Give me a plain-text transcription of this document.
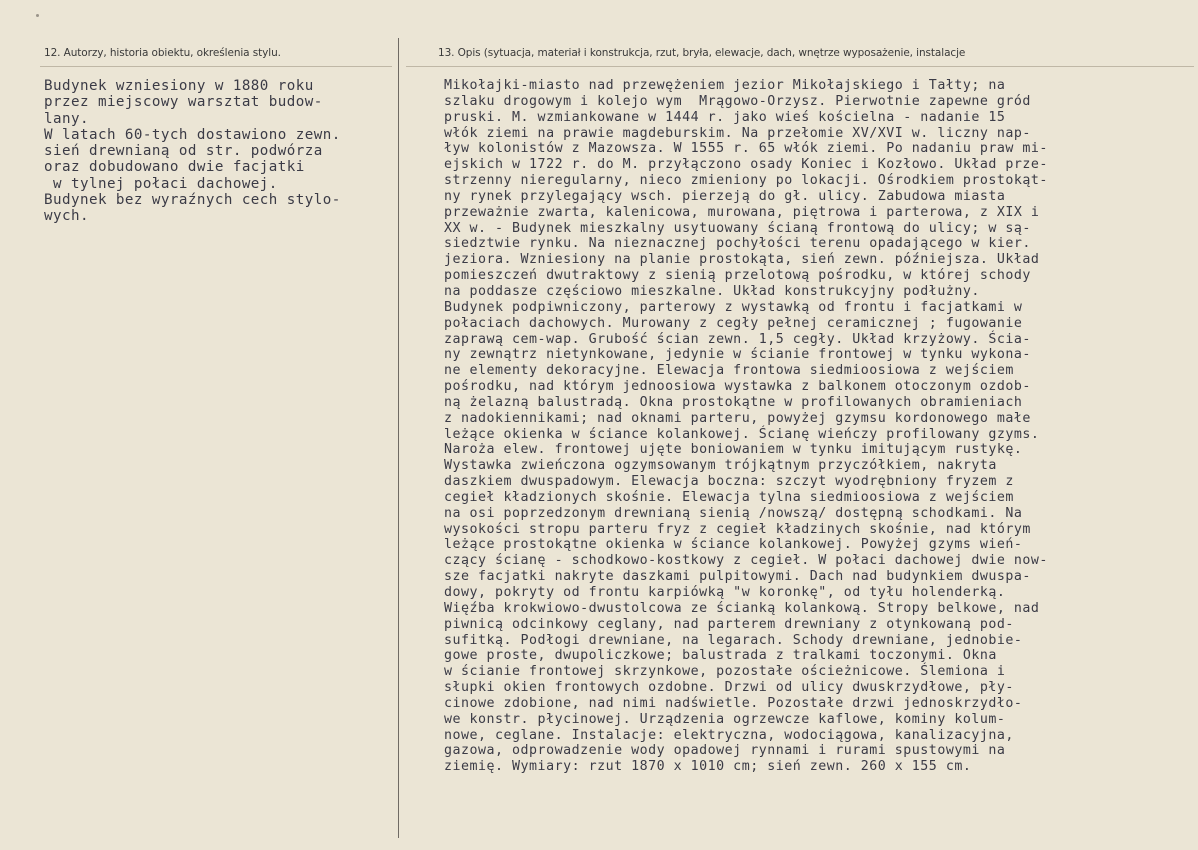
12. Autorzy, historia obiektu, określenia stylu.	13. Opis (sytuacja, materiał i konstrukcja, rzut, bryła, elewacje, dach, wnętrze wyposażenie, instalacje
Budynek wzniesiony w 1880 roku
przez miejscowy warsztat budow-
lany.
W latach 60-tych dostawiono zewn.
sień drewnianą od str. podwórza
oraz dobudowano dwie facjatki
w tylnej połaci dachowej.
Budynek bez wyraźnych cech stylo-
wych.
Mikołajki-miasto nad przewężeniem jezior Mikołajskiego i Tałty; na
szlaku drogowym i kolejo wym  Mrągowo-Orzysz. Pierwotnie zapewne gród
pruski. M. wzmiankowane w 1444 r. jako wieś kościelna - nadanie 15
włók ziemi na prawie magdeburskim. Na przełomie XV/XVI w. liczny nap-
ływ kolonistów z Mazowsza. W 1555 r. 65 włók ziemi. Po nadaniu praw mi-
ejskich w 1722 r. do M. przyłączono osady Koniec i Kozłowo. Układ prze-
strzenny nieregularny, nieco zmieniony po lokacji. Ośrodkiem prostokąt-
ny rynek przylegający wsch. pierzeją do gł. ulicy. Zabudowa miasta
przeważnie zwarta, kalenicowa, murowana, piętrowa i parterowa, z XIX i
XX w. - Budynek mieszkalny usytuowany ścianą frontową do ulicy; w są-
siedztwie rynku. Na nieznacznej pochyłości terenu opadającego w kier.
jeziora. Wzniesiony na planie prostokąta, sień zewn. późniejsza. Układ
pomieszczeń dwutraktowy z sienią przelotową pośrodku, w której schody
na poddasze częściowo mieszkalne. Układ konstrukcyjny podłużny.
Budynek podpiwniczony, parterowy z wystawką od frontu i facjatkami w
połaciach dachowych. Murowany z cegły pełnej ceramicznej ; fugowanie
zaprawą cem-wap. Grubość ścian zewn. 1,5 cegły. Układ krzyżowy. Ścia-
ny zewnątrz nietynkowane, jedynie w ścianie frontowej w tynku wykona-
ne elementy dekoracyjne. Elewacja frontowa siedmioosiowa z wejściem
pośrodku, nad którym jednoosiowa wystawka z balkonem otoczonym ozdob-
ną żelazną balustradą. Okna prostokątne w profilowanych obramieniach
z nadokiennikami; nad oknami parteru, powyżej gzymsu kordonowego małe
leżące okienka w ściance kolankowej. Ścianę wieńczy profilowany gzyms.
Naroża elew. frontowej ujęte boniowaniem w tynku imitującym rustykę.
Wystawka zwieńczona ogzymsowanym trójkątnym przyczółkiem, nakryta
daszkiem dwuspadowym. Elewacja boczna: szczyt wyodrębniony fryzem z
cegieł kładzionych skośnie. Elewacja tylna siedmioosiowa z wejściem
na osi poprzedzonym drewnianą sienią /nowszą/ dostępną schodkami. Na
wysokości stropu parteru fryz z cegieł kładzinych skośnie, nad którym
leżące prostokątne okienka w ściance kolankowej. Powyżej gzyms wień-
czący ścianę - schodkowo-kostkowy z cegieł. W połaci dachowej dwie now-
sze facjatki nakryte daszkami pulpitowymi. Dach nad budynkiem dwuspa-
dowy, pokryty od frontu karpiówką "w koronkę", od tyłu holenderką.
Więźba krokwiowo-dwustolcowa ze ścianką kolankową. Stropy belkowe, nad
piwnicą odcinkowy ceglany, nad parterem drewniany z otynkowaną pod-
sufitką. Podłogi drewniane, na legarach. Schody drewniane, jednobie-
gowe proste, dwupoliczkowe; balustrada z tralkami toczonymi. Okna
w ścianie frontowej skrzynkowe, pozostałe ościeżnicowe. Ślemiona i
słupki okien frontowych ozdobne. Drzwi od ulicy dwuskrzydłowe, pły-
cinowe zdobione, nad nimi nadświetle. Pozostałe drzwi jednoskrzydło-
we konstr. płycinowej. Urządzenia ogrzewcze kaflowe, kominy kolum-
nowe, ceglane. Instalacje: elektryczna, wodociągowa, kanalizacyjna,
gazowa, odprowadzenie wody opadowej rynnami i rurami spustowymi na
ziemię. Wymiary: rzut 1870 x 1010 cm; sień zewn. 260 x 155 cm.
